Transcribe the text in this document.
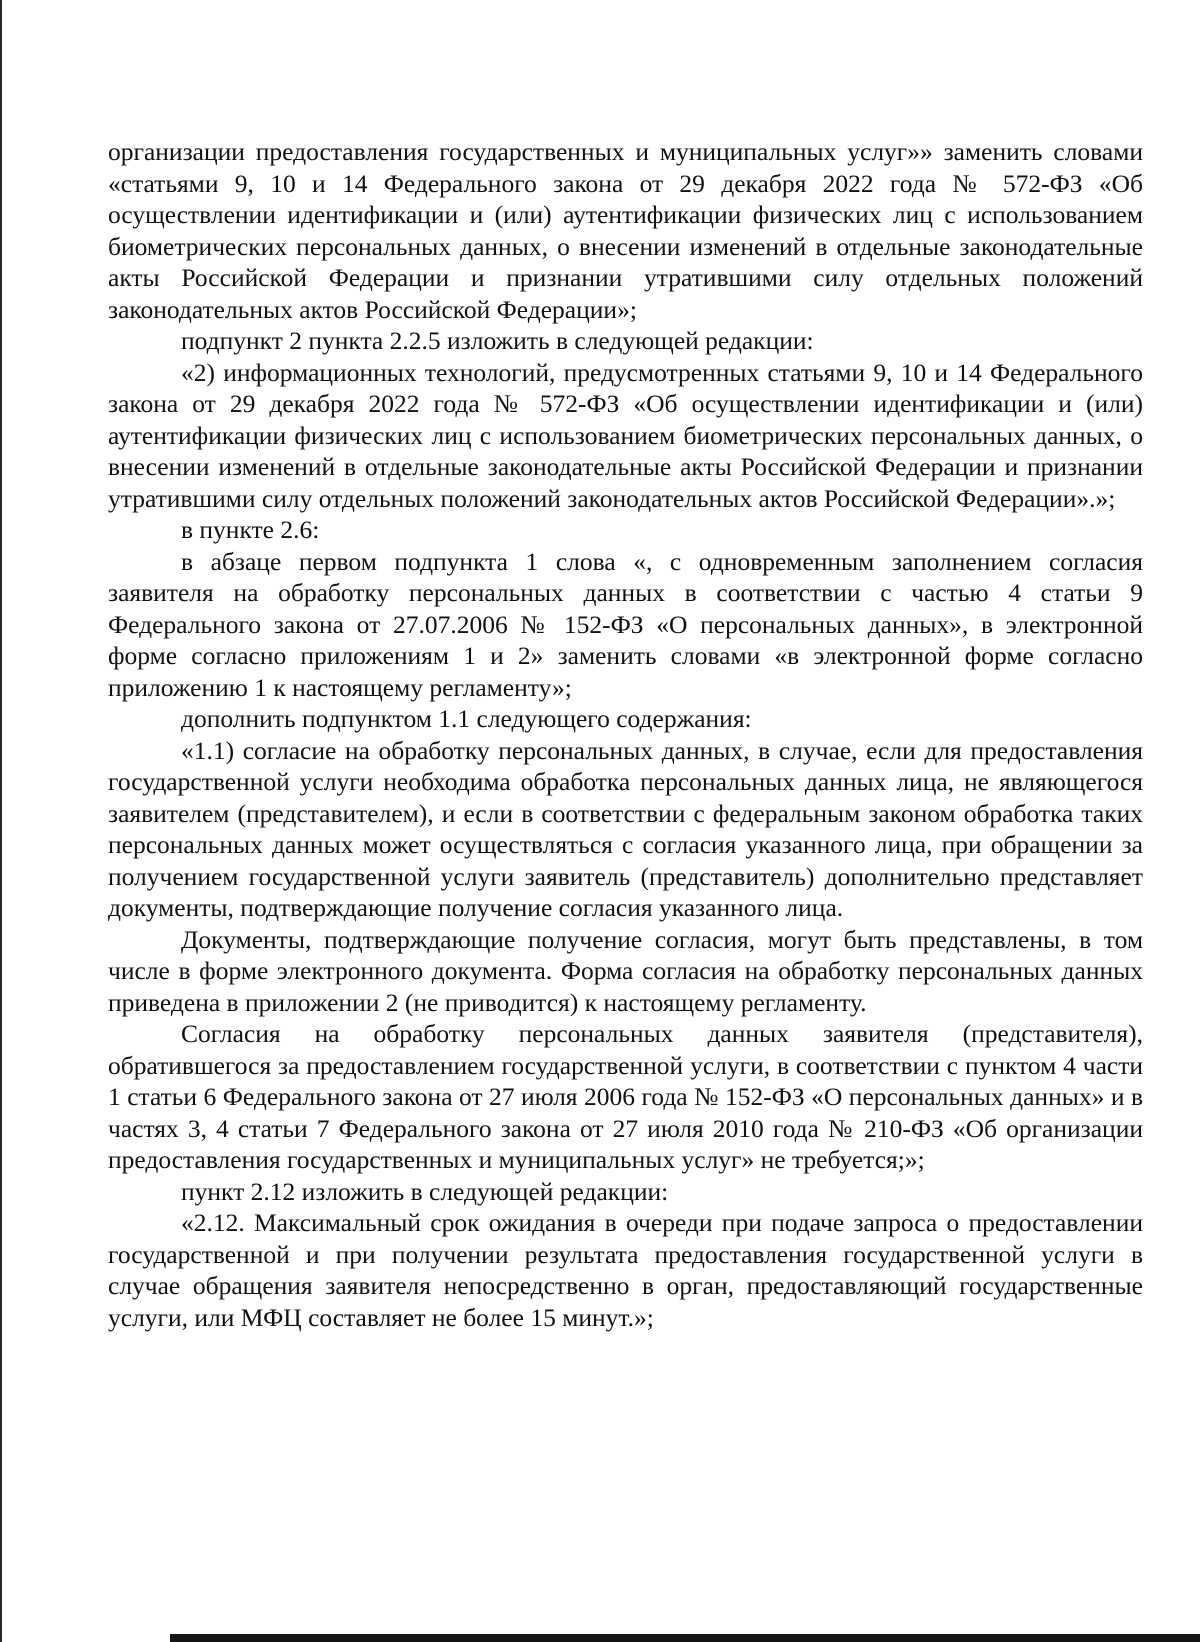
организации предоставления государственных и муниципальных услуг»» заменить словами «статьями 9, 10 и 14 Федерального закона от 29 декабря 2022 года № 572-ФЗ «Об осуществлении идентификации и (или) аутентификации физических лиц с использованием биометрических персональных данных, о внесении изменений в отдельные законодательные акты Российской Федерации и признании утратившими силу отдельных положений законодательных актов Российской Федерации»;

подпункт 2 пункта 2.2.5 изложить в следующей редакции:

«2) информационных технологий, предусмотренных статьями 9, 10 и 14 Федерального закона от 29 декабря 2022 года № 572-ФЗ «Об осуществлении идентификации и (или) аутентификации физических лиц с использованием биометрических персональных данных, о внесении изменений в отдельные законодательные акты Российской Федерации и признании утратившими силу отдельных положений законодательных актов Российской Федерации».»;

в пункте 2.6:

в абзаце первом подпункта 1 слова «, с одновременным заполнением согласия заявителя на обработку персональных данных в соответствии с частью 4 статьи 9 Федерального закона от 27.07.2006 № 152-ФЗ «О персональных данных», в электронной форме согласно приложениям 1 и 2» заменить словами «в электронной форме согласно приложению 1 к настоящему регламенту»;

дополнить подпунктом 1.1 следующего содержания:

«1.1) согласие на обработку персональных данных, в случае, если для предоставления государственной услуги необходима обработка персональных данных лица, не являющегося заявителем (представителем), и если в соответствии с федеральным законом обработка таких персональных данных может осуществляться с согласия указанного лица, при обращении за получением государственной услуги заявитель (представитель) дополнительно представляет документы, подтверждающие получение согласия указанного лица.

Документы, подтверждающие получение согласия, могут быть представлены, в том числе в форме электронного документа. Форма согласия на обработку персональных данных приведена в приложении 2 (не приводится) к настоящему регламенту.

Согласия на обработку персональных данных заявителя (представителя), обратившегося за предоставлением государственной услуги, в соответствии с пунктом 4 части 1 статьи 6 Федерального закона от 27 июля 2006 года № 152-ФЗ «О персональных данных» и в частях 3, 4 статьи 7 Федерального закона от 27 июля 2010 года № 210-ФЗ «Об организации предоставления государственных и муниципальных услуг» не требуется;»;

пункт 2.12 изложить в следующей редакции:

«2.12. Максимальный срок ожидания в очереди при подаче запроса о предоставлении государственной и при получении результата предоставления государственной услуги в случае обращения заявителя непосредственно в орган, предоставляющий государственные услуги, или МФЦ составляет не более 15 минут.»;
